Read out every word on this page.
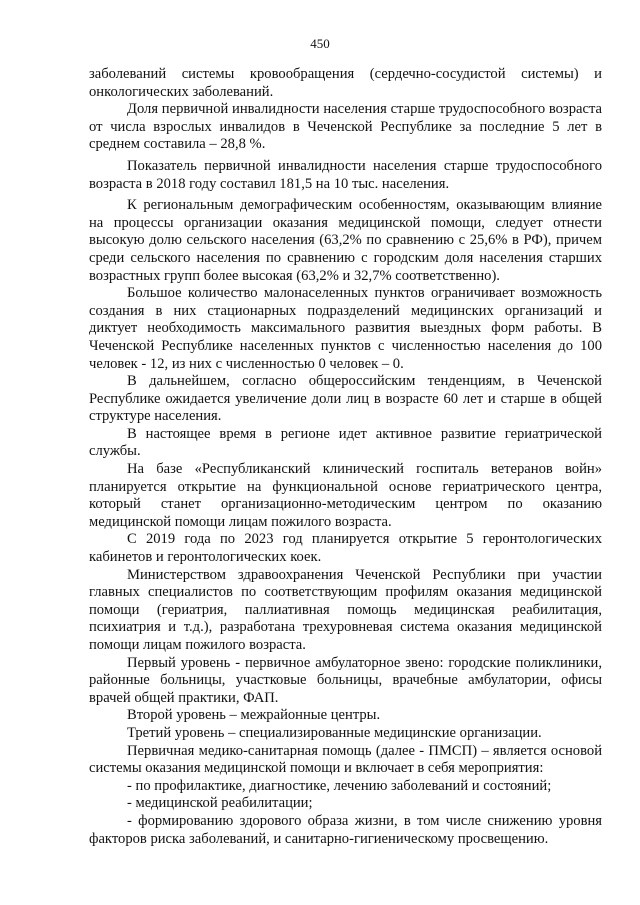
450

заболеваний системы кровообращения (сердечно-сосудистой системы) и онкологических заболеваний.

Доля первичной инвалидности населения старше трудоспособного возраста от числа взрослых инвалидов в Чеченской Республике за последние 5 лет в среднем составила – 28,8 %.

Показатель первичной инвалидности населения старше трудоспособного возраста в 2018 году составил 181,5 на 10 тыс. населения.

К региональным демографическим особенностям, оказывающим влияние на процессы организации оказания медицинской помощи, следует отнести высокую долю сельского населения (63,2% по сравнению с 25,6% в РФ), причем среди сельского населения по сравнению с городским доля населения старших возрастных групп более высокая (63,2% и 32,7% соответственно).

Большое количество малонаселенных пунктов ограничивает возможность создания в них стационарных подразделений медицинских организаций и диктует необходимость максимального развития выездных форм работы. В Чеченской Республике населенных пунктов с численностью населения до 100 человек - 12, из них с численностью 0 человек – 0.

В дальнейшем, согласно общероссийским тенденциям, в Чеченской Республике ожидается увеличение доли лиц в возрасте 60 лет и старше в общей структуре населения.

В настоящее время в регионе идет активное развитие гериатрической службы.

На базе «Республиканский клинический госпиталь ветеранов войн» планируется открытие на функциональной основе гериатрического центра, который станет организационно-методическим центром по оказанию медицинской помощи лицам пожилого возраста.

С 2019 года по 2023 год планируется открытие 5 геронтологических кабинетов и геронтологических коек.

Министерством здравоохранения Чеченской Республики при участии главных специалистов по соответствующим профилям оказания медицинской помощи (гериатрия, паллиативная помощь медицинская реабилитация, психиатрия и т.д.), разработана трехуровневая система оказания медицинской помощи лицам пожилого возраста.

Первый уровень - первичное амбулаторное звено: городские поликлиники, районные больницы, участковые больницы, врачебные амбулатории, офисы врачей общей практики, ФАП.

Второй уровень – межрайонные центры.

Третий уровень – специализированные медицинские организации.

Первичная медико-санитарная помощь (далее - ПМСП) – является основой системы оказания медицинской помощи и включает в себя мероприятия:

- по профилактике, диагностике, лечению заболеваний и состояний;

- медицинской реабилитации;

- формированию здорового образа жизни, в том числе снижению уровня факторов риска заболеваний, и санитарно-гигиеническому просвещению.
